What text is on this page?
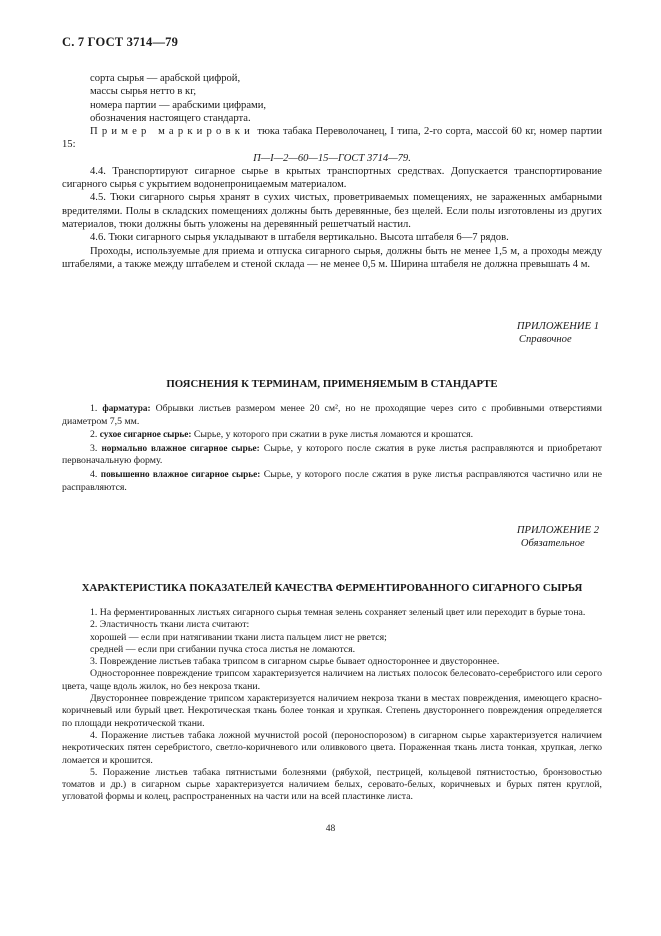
С. 7 ГОСТ 3714—79

сорта сырья — арабской цифрой,

массы сырья нетто в кг,

номера партии — арабскими цифрами,

обозначения настоящего стандарта.

Пример маркировки тюка табака Переволочанец, I типа, 2-го сорта, массой 60 кг, номер партии 15:

П—I—2—60—15—ГОСТ 3714—79.

4.4. Транспортируют сигарное сырье в крытых транспортных средствах. Допускается транспортирование сигарного сырья с укрытием водонепроницаемым материалом.

4.5. Тюки сигарного сырья хранят в сухих чистых, проветриваемых помещениях, не зараженных амбарными вредителями. Полы в складских помещениях должны быть деревянные, без щелей. Если полы изготовлены из других материалов, тюки должны быть уложены на деревянный решетчатый настил.

4.6. Тюки сигарного сырья укладывают в штабеля вертикально. Высота штабеля 6—7 рядов.

Проходы, используемые для приема и отпуска сигарного сырья, должны быть не менее 1,5 м, а проходы между штабелями, а также между штабелем и стеной склада — не менее 0,5 м. Ширина штабеля не должна превышать 4 м.

ПРИЛОЖЕНИЕ 1
Справочное
ПОЯСНЕНИЯ К ТЕРМИНАМ, ПРИМЕНЯЕМЫМ В СТАНДАРТЕ

1. фарматура: Обрывки листьев размером менее 20 см², но не проходящие через сито с пробивными отверстиями диаметром 7,5 мм.

2. сухое сигарное сырье: Сырье, у которого при сжатии в руке листья ломаются и крошатся.

3. нормально влажное сигарное сырье: Сырье, у которого после сжатия в руке листья расправляются и приобретают первоначальную форму.

4. повышенно влажное сигарное сырье: Сырье, у которого после сжатия в руке листья расправляются частично или не расправляются.

ПРИЛОЖЕНИЕ 2
Обязательное
ХАРАКТЕРИСТИКА ПОКАЗАТЕЛЕЙ КАЧЕСТВА ФЕРМЕНТИРОВАННОГО СИГАРНОГО СЫРЬЯ

1. На ферментированных листьях сигарного сырья темная зелень сохраняет зеленый цвет или переходит в бурые тона.

2. Эластичность ткани листа считают:

хорошей — если при натягивании ткани листа пальцем лист не рвется;

средней — если при сгибании пучка стоса листья не ломаются.

3. Повреждение листьев табака трипсом в сигарном сырье бывает одностороннее и двустороннее.

Одностороннее повреждение трипсом характеризуется наличием на листьях полосок белесовато-серебристого или серого цвета, чаще вдоль жилок, но без некроза ткани.

Двустороннее повреждение трипсом характеризуется наличием некроза ткани в местах повреждения, имеющего красно-коричневый или бурый цвет. Некротическая ткань более тонкая и хрупкая. Степень двустороннего повреждения определяется по площади некротической ткани.

4. Поражение листьев табака ложной мучнистой росой (пероноспорозом) в сигарном сырье характеризуется наличием некротических пятен серебристого, светло-коричневого или оливкового цвета. Пораженная ткань листа тонкая, хрупкая, легко ломается и крошится.

5. Поражение листьев табака пятнистыми болезнями (рябухой, пестрицей, кольцевой пятнистостью, бронзовостью томатов и др.) в сигарном сырье характеризуется наличием белых, серовато-белых, коричневых и бурых пятен круглой, угловатой формы и колец, распространенных на части или на всей пластинке листа.

48
